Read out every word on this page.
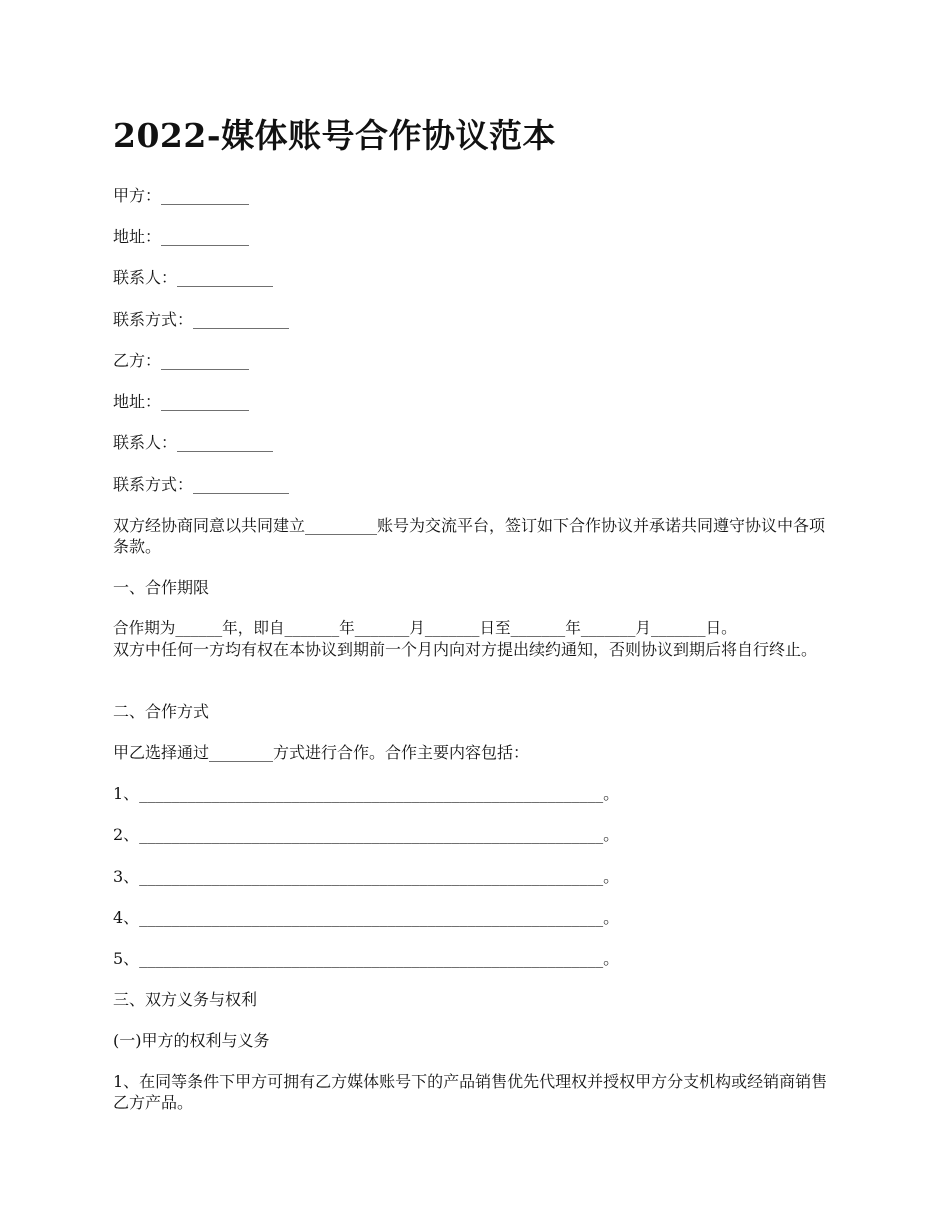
2022-媒体账号合作协议范本
甲方：___________
地址：___________
联系人：____________
联系方式：____________
乙方：___________
地址：___________
联系人：____________
联系方式：____________
双方经协商同意以共同建立_________账号为交流平台，签订如下合作协议并承诺共同遵守协议中各项条款。
一、合作期限
合作期为______年，即自_______年_______月_______日至_______年_______月_______日。
双方中任何一方均有权在本协议到期前一个月内向对方提出续约通知，否则协议到期后将自行终止。
二、合作方式
甲乙选择通过________方式进行合作。合作主要内容包括：
1、__________________________________________________________。
2、__________________________________________________________。
3、__________________________________________________________。
4、__________________________________________________________。
5、__________________________________________________________。
三、双方义务与权利
(一)甲方的权利与义务
1、在同等条件下甲方可拥有乙方媒体账号下的产品销售优先代理权并授权甲方分支机构或经销商销售乙方产品。
